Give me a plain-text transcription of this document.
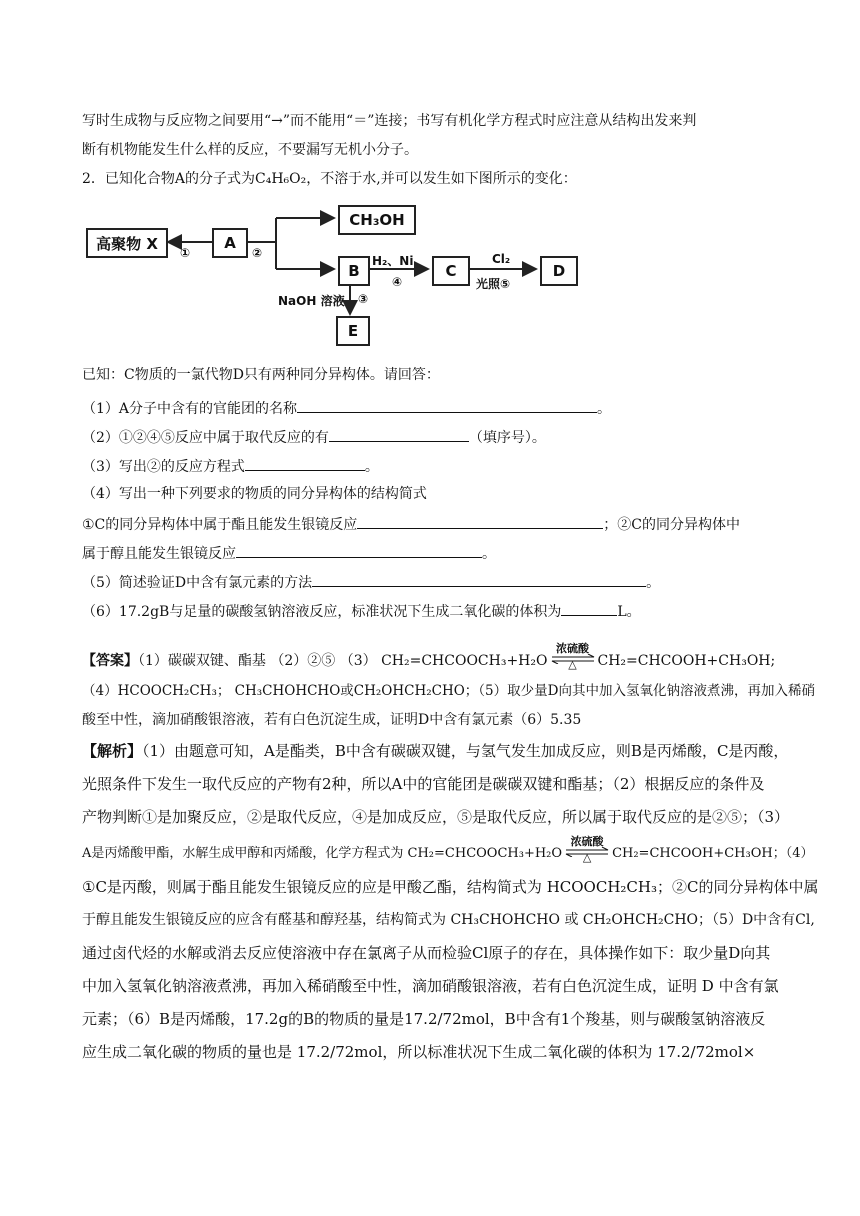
写时生成物与反应物之间要用“→”而不能用“＝”连接；书写有机化学方程式时应注意从结构出发来判
断有机物能发生什么样的反应，不要漏写无机小分子。
2．已知化合物A的分子式为C₄H₆O₂，不溶于水,并可以发生如下图所示的变化：
高聚物 X	A
CH₃OH
B	C	D
E
①	②
H₂、Ni
④
Cl₂
光照⑤
NaOH 溶液 ③
已知：C物质的一氯代物D只有两种同分异构体。请回答：
（1）A分子中含有的官能团的名称	。
（2）①②④⑤反应中属于取代反应的有	（填序号）。
（3）写出②的反应方程式	。
（4）写出一种下列要求的物质的同分异构体的结构简式
①C的同分异构体中属于酯且能发生银镜反应	；②C的同分异构体中
属于醇且能发生银镜反应	。
（5）简述验证D中含有氯元素的方法	。
（6）17.2gB与足量的碳酸氢钠溶液反应，标准状况下生成二氧化碳的体积为	L。
【答案】（1）碳碳双键、酯基 （2）②⑤ （3） CH₂=CHCOOCH₃+H₂O
浓硫酸
△	CH₂=CHCOOH+CH₃OH;
（4）HCOOCH₂CH₃； CH₃CHOHCHO或CH₂OHCH₂CHO；（5）取少量D向其中加入氢氧化钠溶液煮沸，再加入稀硝
酸至中性，滴加硝酸银溶液，若有白色沉淀生成，证明D中含有氯元素（6）5.35
【解析】（1）由题意可知，A是酯类，B中含有碳碳双键，与氢气发生加成反应，则B是丙烯酸，C是丙酸，
光照条件下发生一取代反应的产物有2种，所以A中的官能团是碳碳双键和酯基；（2）根据反应的条件及
产物判断①是加聚反应，②是取代反应，④是加成反应，⑤是取代反应，所以属于取代反应的是②⑤；（3）
A是丙烯酸甲酯，水解生成甲醇和丙烯酸，化学方程式为 CH₂=CHCOOCH₃+H₂O
浓硫酸
△	CH₂=CHCOOH+CH₃OH；（4）
①C是丙酸，则属于酯且能发生银镜反应的应是甲酸乙酯，结构简式为 HCOOCH₂CH₃；②C的同分异构体中属
于醇且能发生银镜反应的应含有醛基和醇羟基，结构简式为 CH₃CHOHCHO 或 CH₂OHCH₂CHO；（5）D中含有Cl,
通过卤代烃的水解或消去反应使溶液中存在氯离子从而检验Cl原子的存在，具体操作如下：取少量D向其
中加入氢氧化钠溶液煮沸，再加入稀硝酸至中性，滴加硝酸银溶液，若有白色沉淀生成，证明 D 中含有氯
元素；（6）B是丙烯酸，17.2g的B的物质的量是17.2/72mol，B中含有1个羧基，则与碳酸氢钠溶液反
应生成二氧化碳的物质的量也是 17.2/72mol，所以标准状况下生成二氧化碳的体积为 17.2/72mol×
